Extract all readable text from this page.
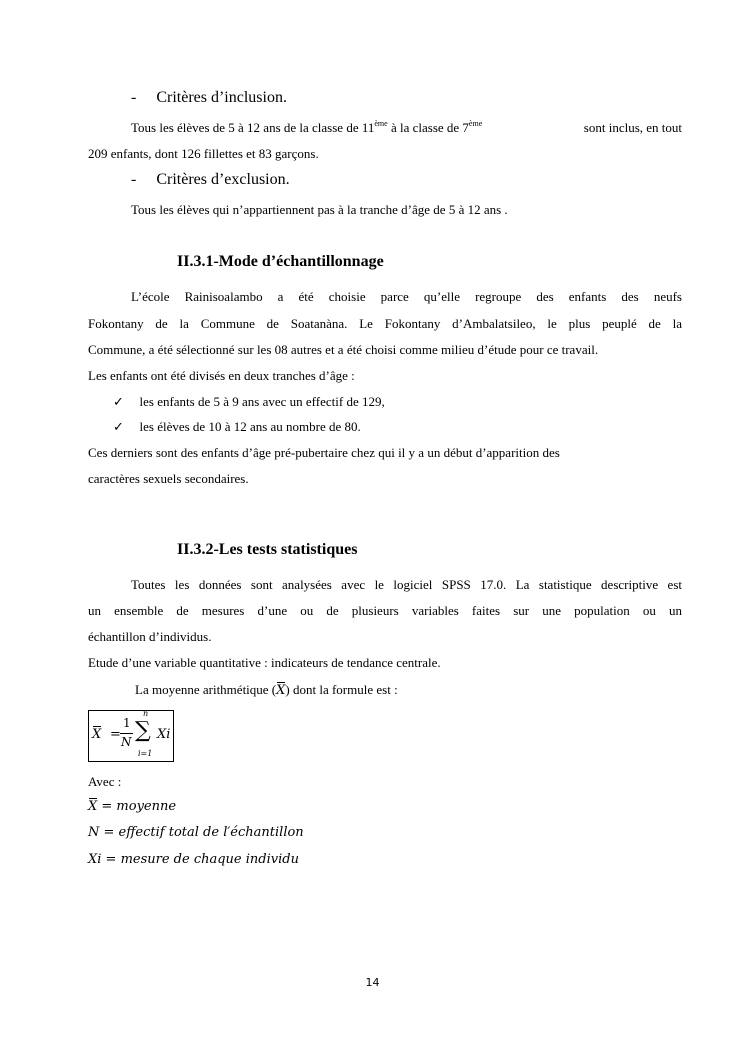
- Critères d’inclusion.
Tous les élèves de 5 à 12 ans de la classe de 11ème à la classe de 7ème	sont inclus, en tout
209 enfants, dont 126 fillettes et 83 garçons.
- Critères d’exclusion.
Tous les élèves qui n’appartiennent pas à la tranche d’âge de 5 à 12 ans .
II.3.1-Mode d’échantillonnage
L’école Rainisoalambo a été choisie parce qu’elle regroupe des enfants des neufs
Fokontany de la Commune de Soatanàna. Le Fokontany d’Ambalatsileo, le plus peuplé de la
Commune, a été sélectionné sur les 08 autres et a été choisi comme milieu d’étude pour ce travail.
Les enfants ont été divisés en deux tranches d’âge :
✓ les enfants de 5 à 9 ans avec un effectif de 129,
✓ les élèves de 10 à 12 ans au nombre de 80.
Ces derniers sont des enfants d’âge pré-pubertaire chez qui il y a un début d’apparition des
caractères sexuels secondaires.
II.3.2-Les tests statistiques
Toutes les données sont analysées avec le logiciel SPSS 17.0. La statistique descriptive est
un ensemble de mesures d’une ou de plusieurs variables faites sur une population ou un
échantillon d’individus.
Etude d’une variable quantitative : indicateurs de tendance centrale.
La moyenne arithmétique (X) dont la formule est :
X =
1
N
n
∑
i=1
Xi
Avec :
X = moyenne
N = effectif total de l′échantillon
Xi = mesure de chaque individu
14
